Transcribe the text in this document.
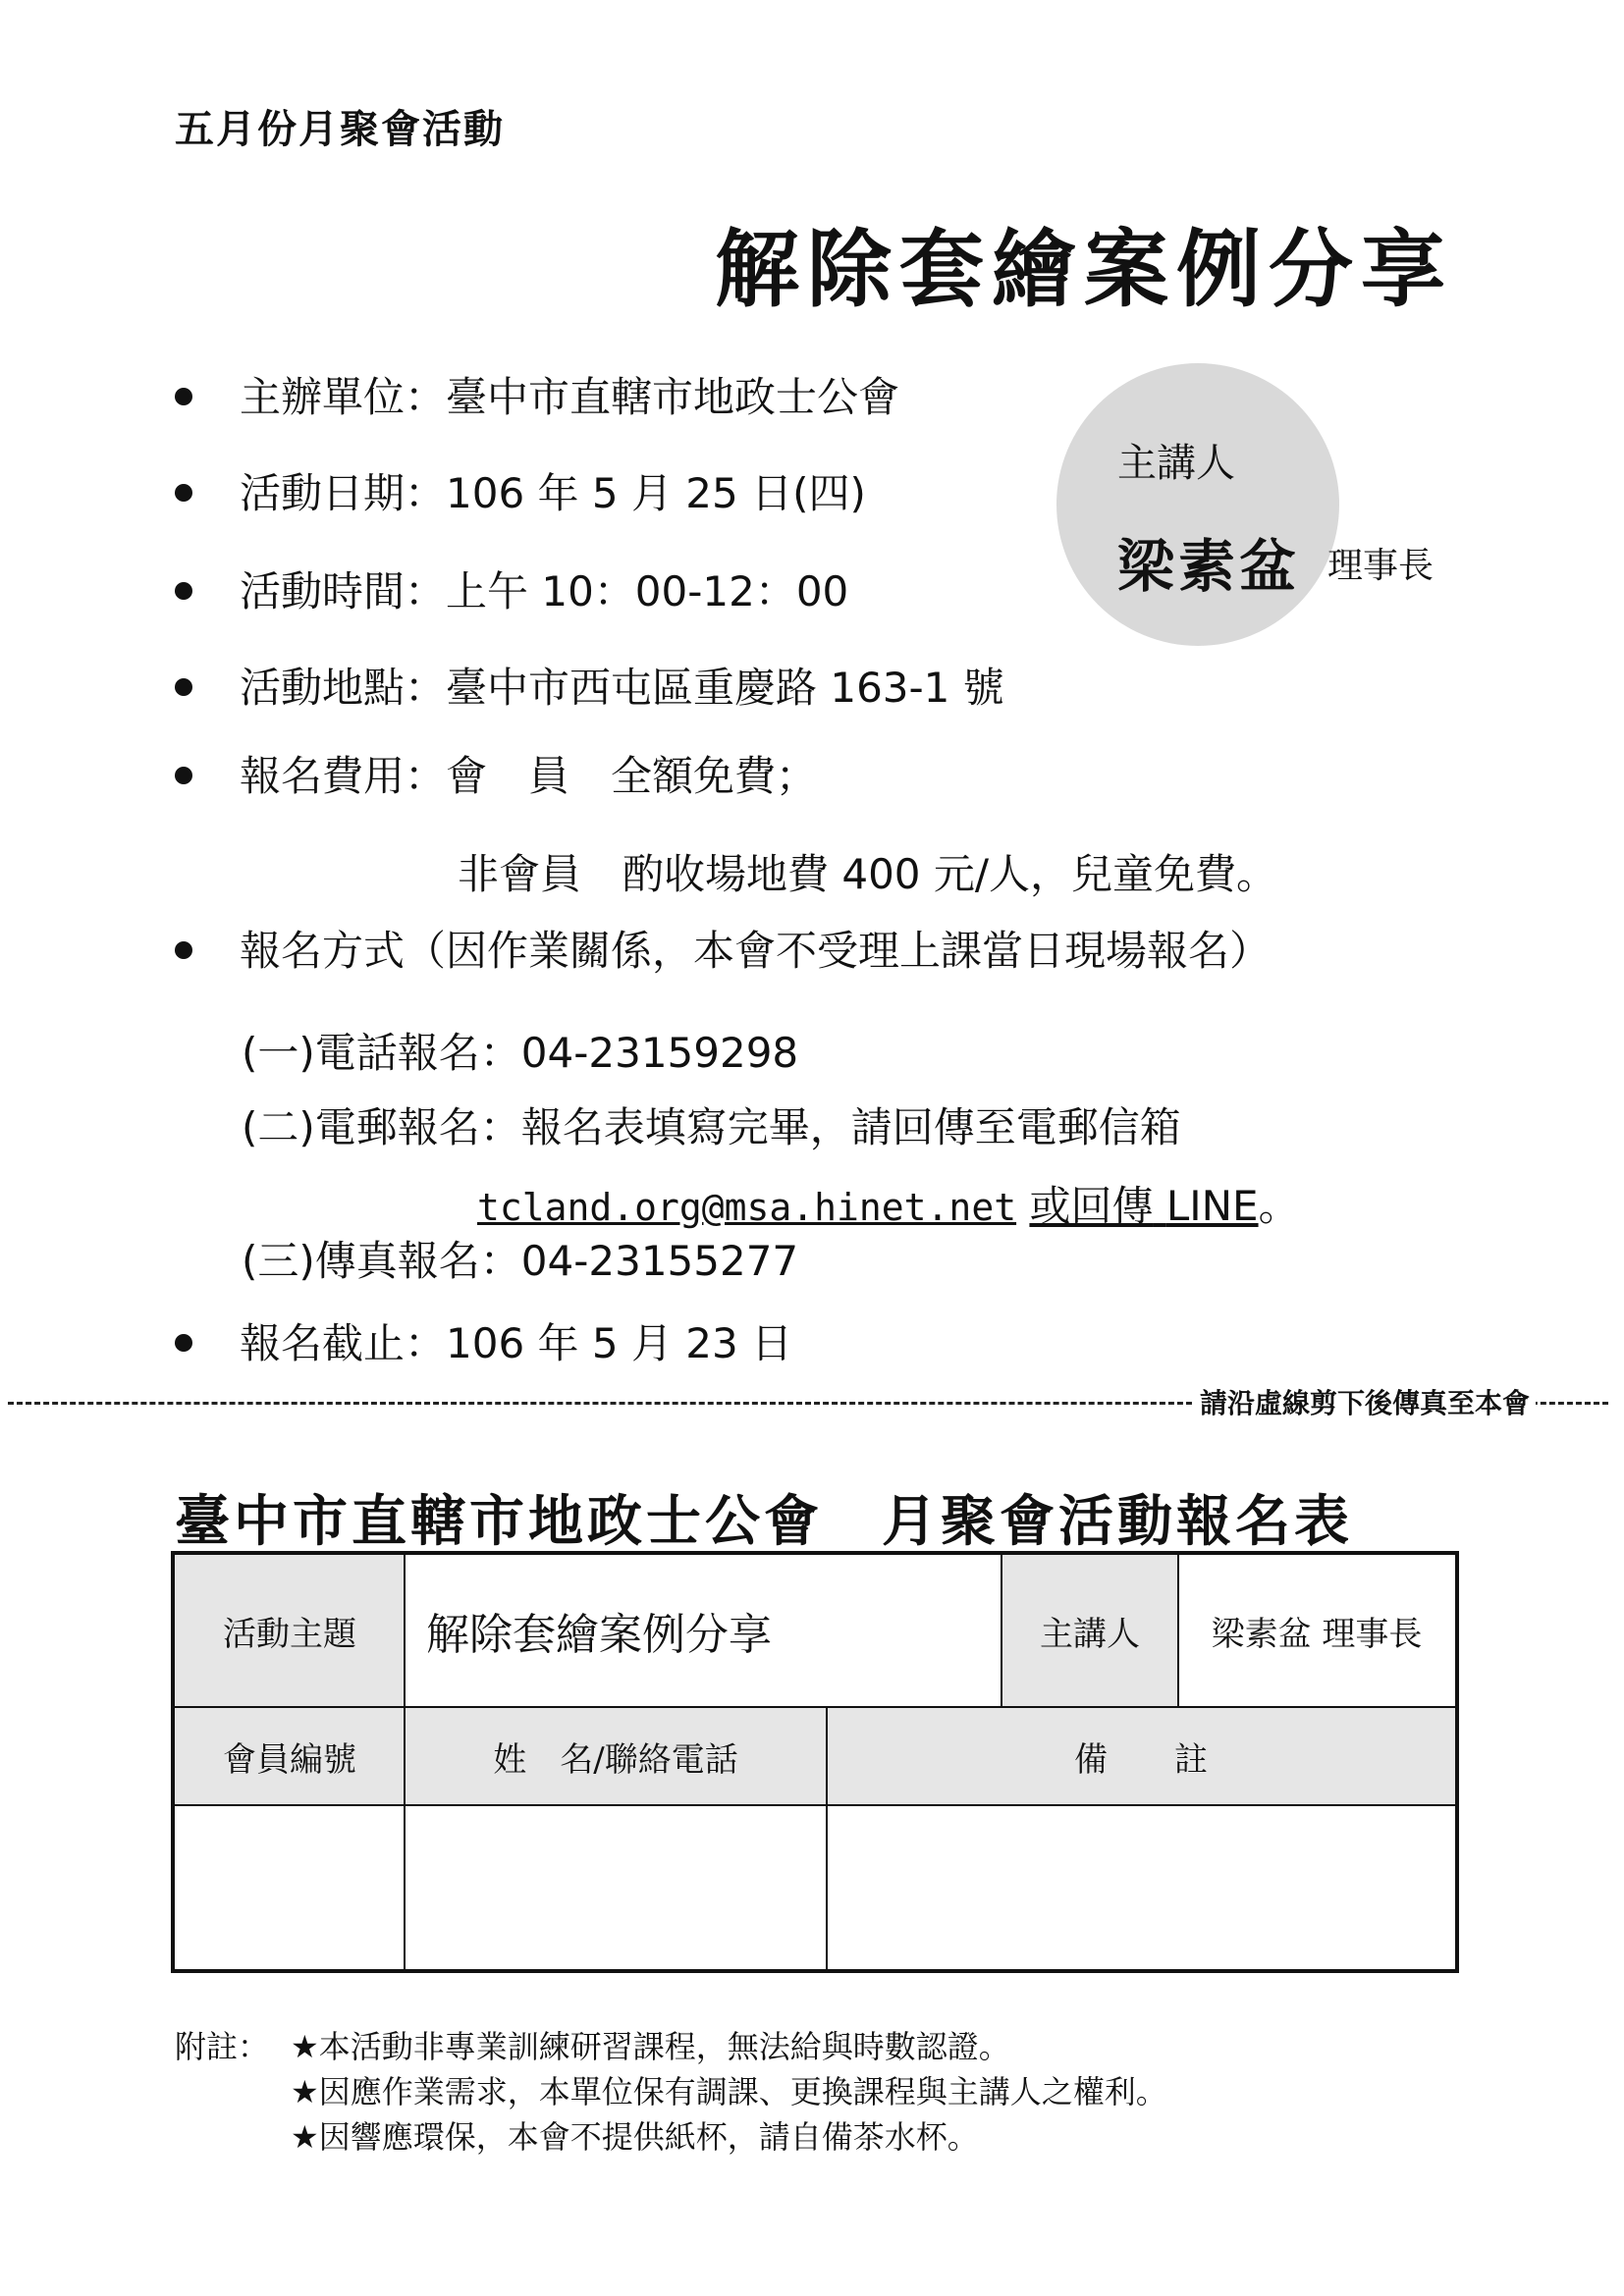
五月份月聚會活動
解除套繪案例分享
主講人
梁素盆 理事長
主辦單位：臺中市直轄市地政士公會
活動日期：106 年 5 月 25 日(四)
活動時間：上午 10：00-12：00
活動地點：臺中市西屯區重慶路 163-1 號
報名費用：會　員　全額免費；
非會員　酌收場地費 400 元/人，兒童免費。
報名方式（因作業關係，本會不受理上課當日現場報名）
(一)電話報名：04-23159298
(二)電郵報名：報名表填寫完畢，請回傳至電郵信箱
tcland.org@msa.hinet.net 或回傳 LINE。
(三)傳真報名：04-23155277
報名截止：106 年 5 月 23 日
請沿虛線剪下後傳真至本會
臺中市直轄市地政士公會　月聚會活動報名表
活動主題	解除套繪案例分享	主講人	梁素盆 理事長
會員編號	姓　名/聯絡電話	備　　註
附註： ★本活動非專業訓練研習課程，無法給與時數認證。
★因應作業需求，本單位保有調課、更換課程與主講人之權利。
★因響應環保，本會不提供紙杯，請自備茶水杯。
